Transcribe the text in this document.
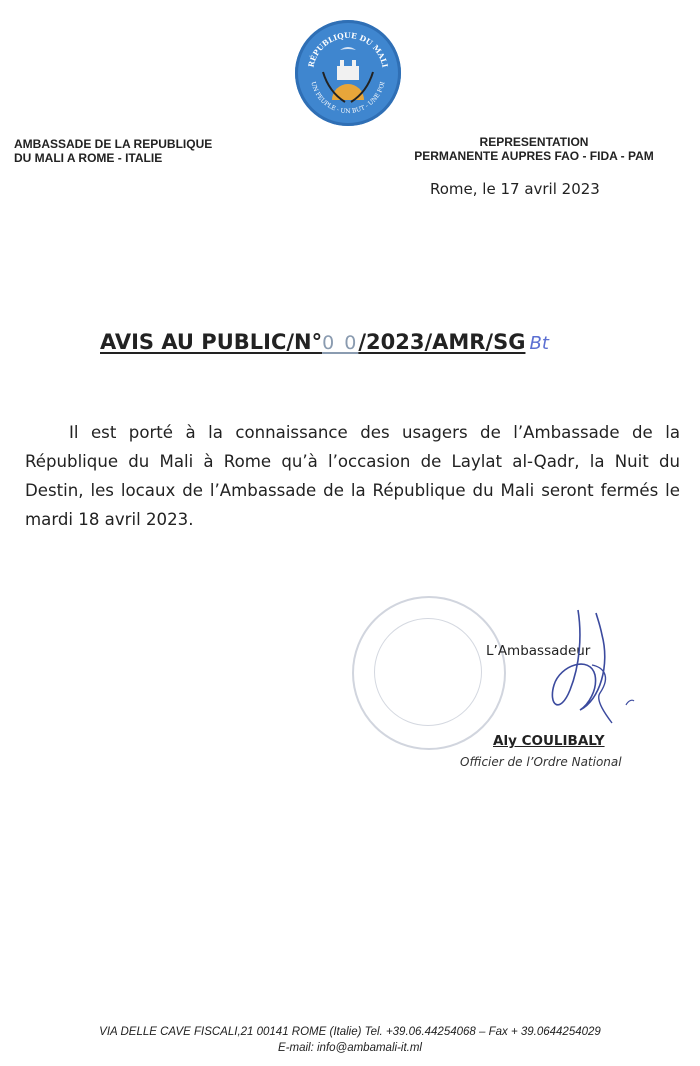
RÉPUBLIQUE DU MALI
UN PEUPLE - UN BUT - UNE FOI
AMBASSADE DE LA REPUBLIQUE
DU MALI A ROME - ITALIE
REPRESENTATION
PERMANENTE AUPRES FAO - FIDA - PAM
Rome, le 17 avril 2023
AVIS AU PUBLIC/N°0 0/2023/AMR/SG Bt
Il est porté à la connaissance des usagers de l’Ambassade de la République du Mali à Rome qu’à l’occasion de Laylat al-Qadr, la Nuit du Destin, les locaux de l’Ambassade de la République du Mali seront fermés le mardi 18 avril 2023.
L’Ambassadeur
Aly COULIBALY
Officier de l’Ordre National
VIA DELLE CAVE FISCALI,21 00141 ROME (Italie) Tel. +39.06.44254068 – Fax + 39.0644254029
E-mail: info@ambamali-it.ml
